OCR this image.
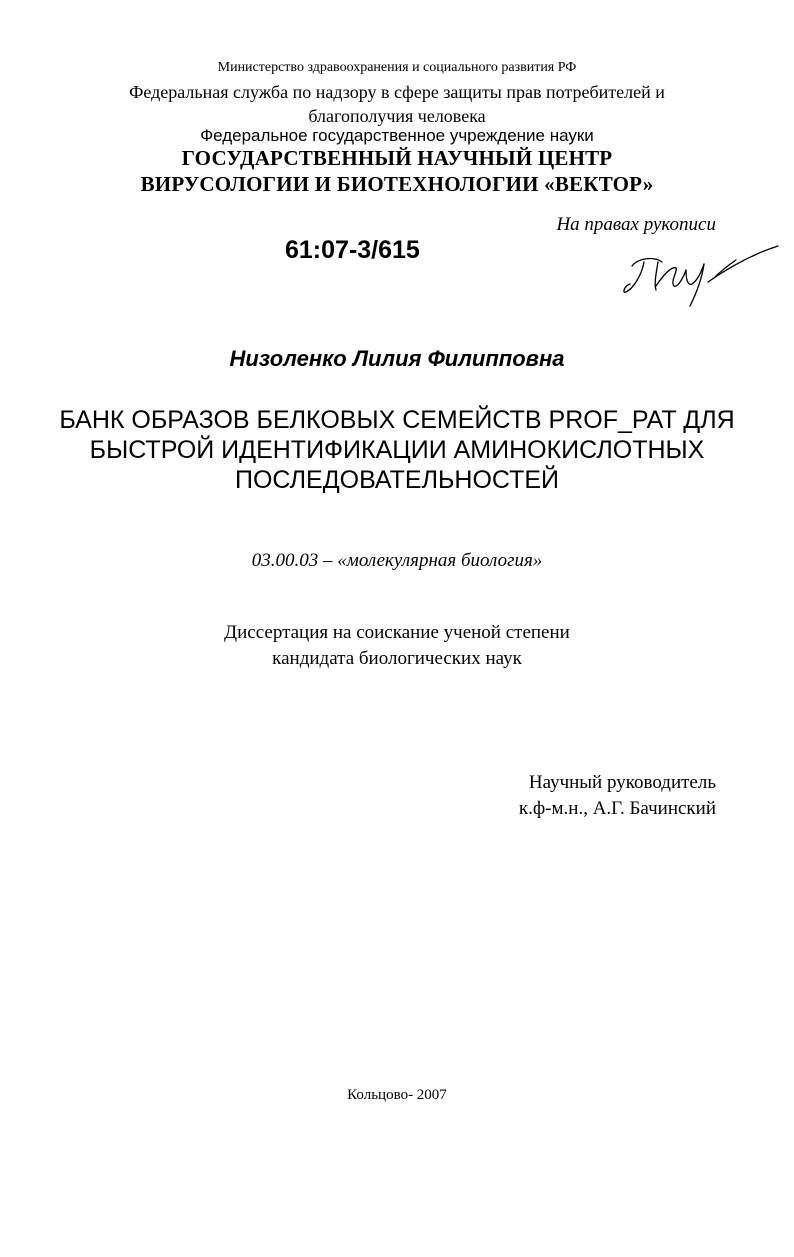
Министерство здравоохранения и социального развития РФ
Федеральная служба по надзору в сфере защиты прав потребителей и
благополучия человека
Федеральное государственное учреждение науки
ГОСУДАРСТВЕННЫЙ НАУЧНЫЙ ЦЕНТР
ВИРУСОЛОГИИ И БИОТЕХНОЛОГИИ «ВЕКТОР»
На правах рукописи
61:07-3/615
Низоленко Лилия Филипповна
БАНК ОБРАЗОВ БЕЛКОВЫХ СЕМЕЙСТВ PROF_PAT ДЛЯ
БЫСТРОЙ ИДЕНТИФИКАЦИИ АМИНОКИСЛОТНЫХ
ПОСЛЕДОВАТЕЛЬНОСТЕЙ
03.00.03 – «молекулярная биология»
Диссертация на соискание ученой степени
кандидата биологических наук
Научный руководитель
к.ф-м.н., А.Г. Бачинский
Кольцово- 2007
